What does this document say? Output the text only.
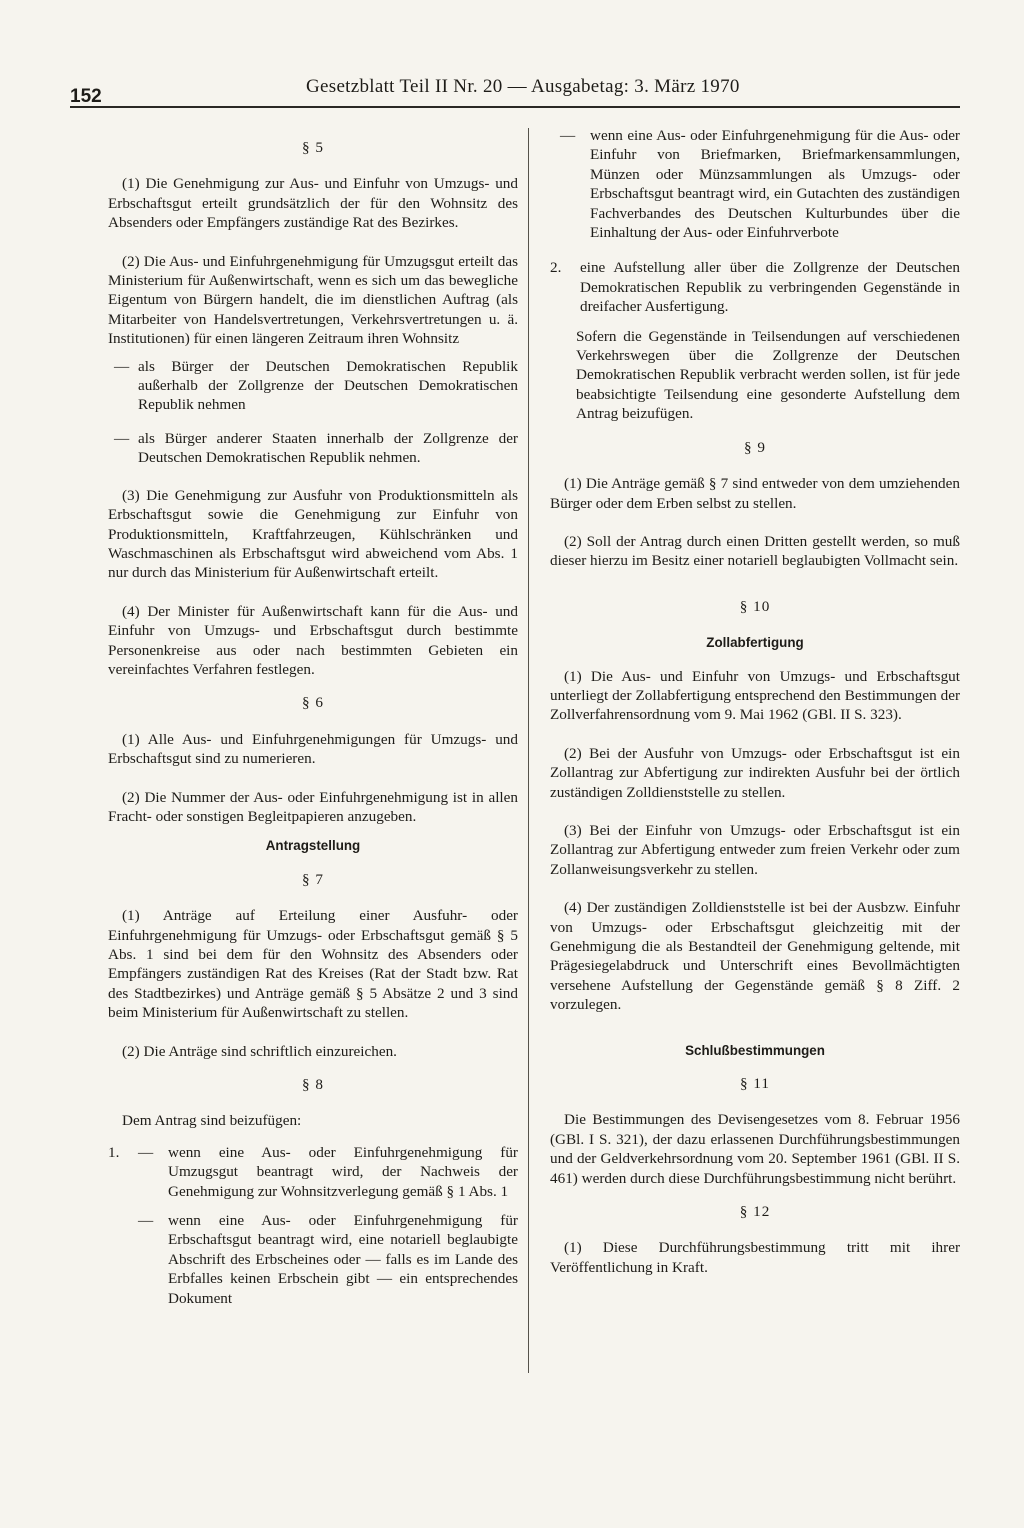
152	Gesetzblatt Teil II Nr. 20 — Ausgabetag: 3. März 1970

§ 5

(1) Die Genehmigung zur Aus- und Einfuhr von Umzugs- und Erbschaftsgut erteilt grundsätzlich der für den Wohnsitz des Absenders oder Empfängers zuständige Rat des Bezirkes.

(2) Die Aus- und Einfuhrgenehmigung für Umzugsgut erteilt das Ministerium für Außenwirtschaft, wenn es sich um das bewegliche Eigentum von Bürgern handelt, die im dienstlichen Auftrag (als Mitarbeiter von Handelsvertretungen, Verkehrsvertretungen u. ä. Institutionen) für einen längeren Zeitraum ihren Wohnsitz

— als Bürger der Deutschen Demokratischen Republik außerhalb der Zollgrenze der Deutschen Demokratischen Republik nehmen
— als Bürger anderer Staaten innerhalb der Zollgrenze der Deutschen Demokratischen Republik nehmen.

(3) Die Genehmigung zur Ausfuhr von Produktionsmitteln als Erbschaftsgut sowie die Genehmigung zur Einfuhr von Produktionsmitteln, Kraftfahrzeugen, Kühlschränken und Waschmaschinen als Erbschaftsgut wird abweichend vom Abs. 1 nur durch das Ministerium für Außenwirtschaft erteilt.

(4) Der Minister für Außenwirtschaft kann für die Aus- und Einfuhr von Umzugs- und Erbschaftsgut durch bestimmte Personenkreise aus oder nach bestimmten Gebieten ein vereinfachtes Verfahren festlegen.

§ 6

(1) Alle Aus- und Einfuhrgenehmigungen für Umzugs- und Erbschaftsgut sind zu numerieren.

(2) Die Nummer der Aus- oder Einfuhrgenehmigung ist in allen Fracht- oder sonstigen Begleitpapieren anzugeben.

Antragstellung

§ 7

(1) Anträge auf Erteilung einer Ausfuhr- oder Einfuhrgenehmigung für Umzugs- oder Erbschaftsgut gemäß § 5 Abs. 1 sind bei dem für den Wohnsitz des Absenders oder Empfängers zuständigen Rat des Kreises (Rat der Stadt bzw. Rat des Stadtbezirkes) und Anträge gemäß § 5 Absätze 2 und 3 sind beim Ministerium für Außenwirtschaft zu stellen.

(2) Die Anträge sind schriftlich einzureichen.

§ 8

Dem Antrag sind beizufügen:

1. — wenn eine Aus- oder Einfuhrgenehmigung für Umzugsgut beantragt wird, der Nachweis der Genehmigung zur Wohnsitzverlegung gemäß § 1 Abs. 1
— wenn eine Aus- oder Einfuhrgenehmigung für Erbschaftsgut beantragt wird, eine notariell beglaubigte Abschrift des Erbscheines oder — falls es im Lande des Erbfalles keinen Erbschein gibt — ein entsprechendes Dokument
— wenn eine Aus- oder Einfuhrgenehmigung für die Aus- oder Einfuhr von Briefmarken, Briefmarkensammlungen, Münzen oder Münzsammlungen als Umzugs- oder Erbschaftsgut beantragt wird, ein Gutachten des zuständigen Fachverbandes des Deutschen Kulturbundes über die Einhaltung der Aus- oder Einfuhrverbote
2. eine Aufstellung aller über die Zollgrenze der Deutschen Demokratischen Republik zu verbringenden Gegenstände in dreifacher Ausfertigung.

Sofern die Gegenstände in Teilsendungen auf verschiedenen Verkehrswegen über die Zollgrenze der Deutschen Demokratischen Republik verbracht werden sollen, ist für jede beabsichtigte Teilsendung eine gesonderte Aufstellung dem Antrag beizufügen.

§ 9

(1) Die Anträge gemäß § 7 sind entweder von dem umziehenden Bürger oder dem Erben selbst zu stellen.

(2) Soll der Antrag durch einen Dritten gestellt werden, so muß dieser hierzu im Besitz einer notariell beglaubigten Vollmacht sein.

§ 10

Zollabfertigung

(1) Die Aus- und Einfuhr von Umzugs- und Erbschaftsgut unterliegt der Zollabfertigung entsprechend den Bestimmungen der Zollverfahrensordnung vom 9. Mai 1962 (GBl. II S. 323).

(2) Bei der Ausfuhr von Umzugs- oder Erbschaftsgut ist ein Zollantrag zur Abfertigung zur indirekten Ausfuhr bei der örtlich zuständigen Zolldienststelle zu stellen.

(3) Bei der Einfuhr von Umzugs- oder Erbschaftsgut ist ein Zollantrag zur Abfertigung entweder zum freien Verkehr oder zum Zollanweisungsverkehr zu stellen.

(4) Der zuständigen Zolldienststelle ist bei der Ausbzw. Einfuhr von Umzugs- oder Erbschaftsgut gleichzeitig mit der Genehmigung die als Bestandteil der Genehmigung geltende, mit Prägesiegelabdruck und Unterschrift eines Bevollmächtigten versehene Aufstellung der Gegenstände gemäß § 8 Ziff. 2 vorzulegen.

Schlußbestimmungen

§ 11

Die Bestimmungen des Devisengesetzes vom 8. Februar 1956 (GBl. I S. 321), der dazu erlassenen Durchführungsbestimmungen und der Geldverkehrsordnung vom 20. September 1961 (GBl. II S. 461) werden durch diese Durchführungsbestimmung nicht berührt.

§ 12

(1) Diese Durchführungsbestimmung tritt mit ihrer Veröffentlichung in Kraft.
